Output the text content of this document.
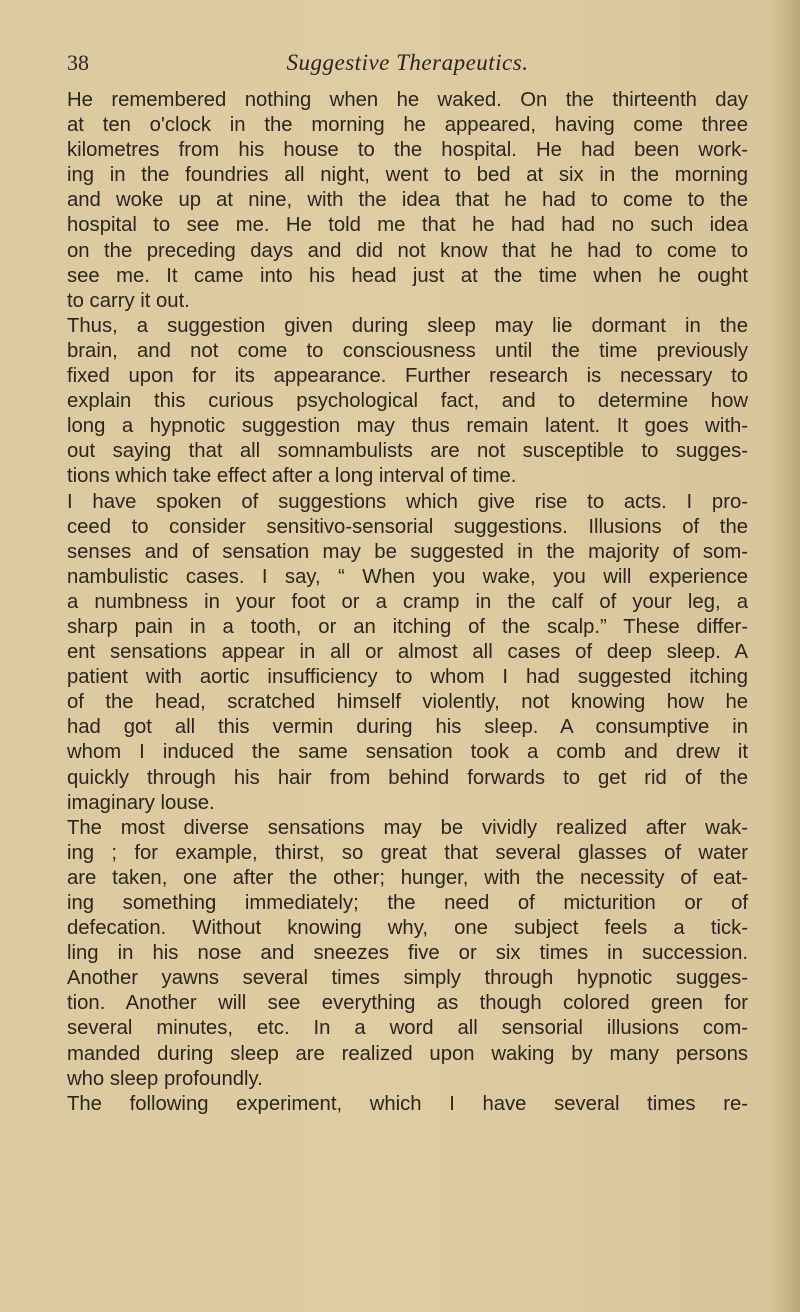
38	Suggestive Therapeutics.
He remembered nothing when he waked. On the thirteenth day
at ten o'clock in the morning he appeared, having come three
kilometres from his house to the hospital. He had been work-
ing in the foundries all night, went to bed at six in the morning
and woke up at nine, with the idea that he had to come to the
hospital to see me. He told me that he had had no such idea
on the preceding days and did not know that he had to come to
see me. It came into his head just at the time when he ought
to carry it out.
Thus, a suggestion given during sleep may lie dormant in the
brain, and not come to consciousness until the time previously
fixed upon for its appearance. Further research is necessary to
explain this curious psychological fact, and to determine how
long a hypnotic suggestion may thus remain latent. It goes with-
out saying that all somnambulists are not susceptible to sugges-
tions which take effect after a long interval of time.
I have spoken of suggestions which give rise to acts. I pro-
ceed to consider sensitivo-sensorial suggestions. Illusions of the
senses and of sensation may be suggested in the majority of som-
nambulistic cases. I say, “ When you wake, you will experience
a numbness in your foot or a cramp in the calf of your leg, a
sharp pain in a tooth, or an itching of the scalp.” These differ-
ent sensations appear in all or almost all cases of deep sleep. A
patient with aortic insufficiency to whom I had suggested itching
of the head, scratched himself violently, not knowing how he
had got all this vermin during his sleep. A consumptive in
whom I induced the same sensation took a comb and drew it
quickly through his hair from behind forwards to get rid of the
imaginary louse.
The most diverse sensations may be vividly realized after wak-
ing ; for example, thirst, so great that several glasses of water
are taken, one after the other; hunger, with the necessity of eat-
ing something immediately; the need of micturition or of
defecation. Without knowing why, one subject feels a tick-
ling in his nose and sneezes five or six times in succession.
Another yawns several times simply through hypnotic sugges-
tion. Another will see everything as though colored green for
several minutes, etc. In a word all sensorial illusions com-
manded during sleep are realized upon waking by many persons
who sleep profoundly.
The following experiment, which I have several times re-
